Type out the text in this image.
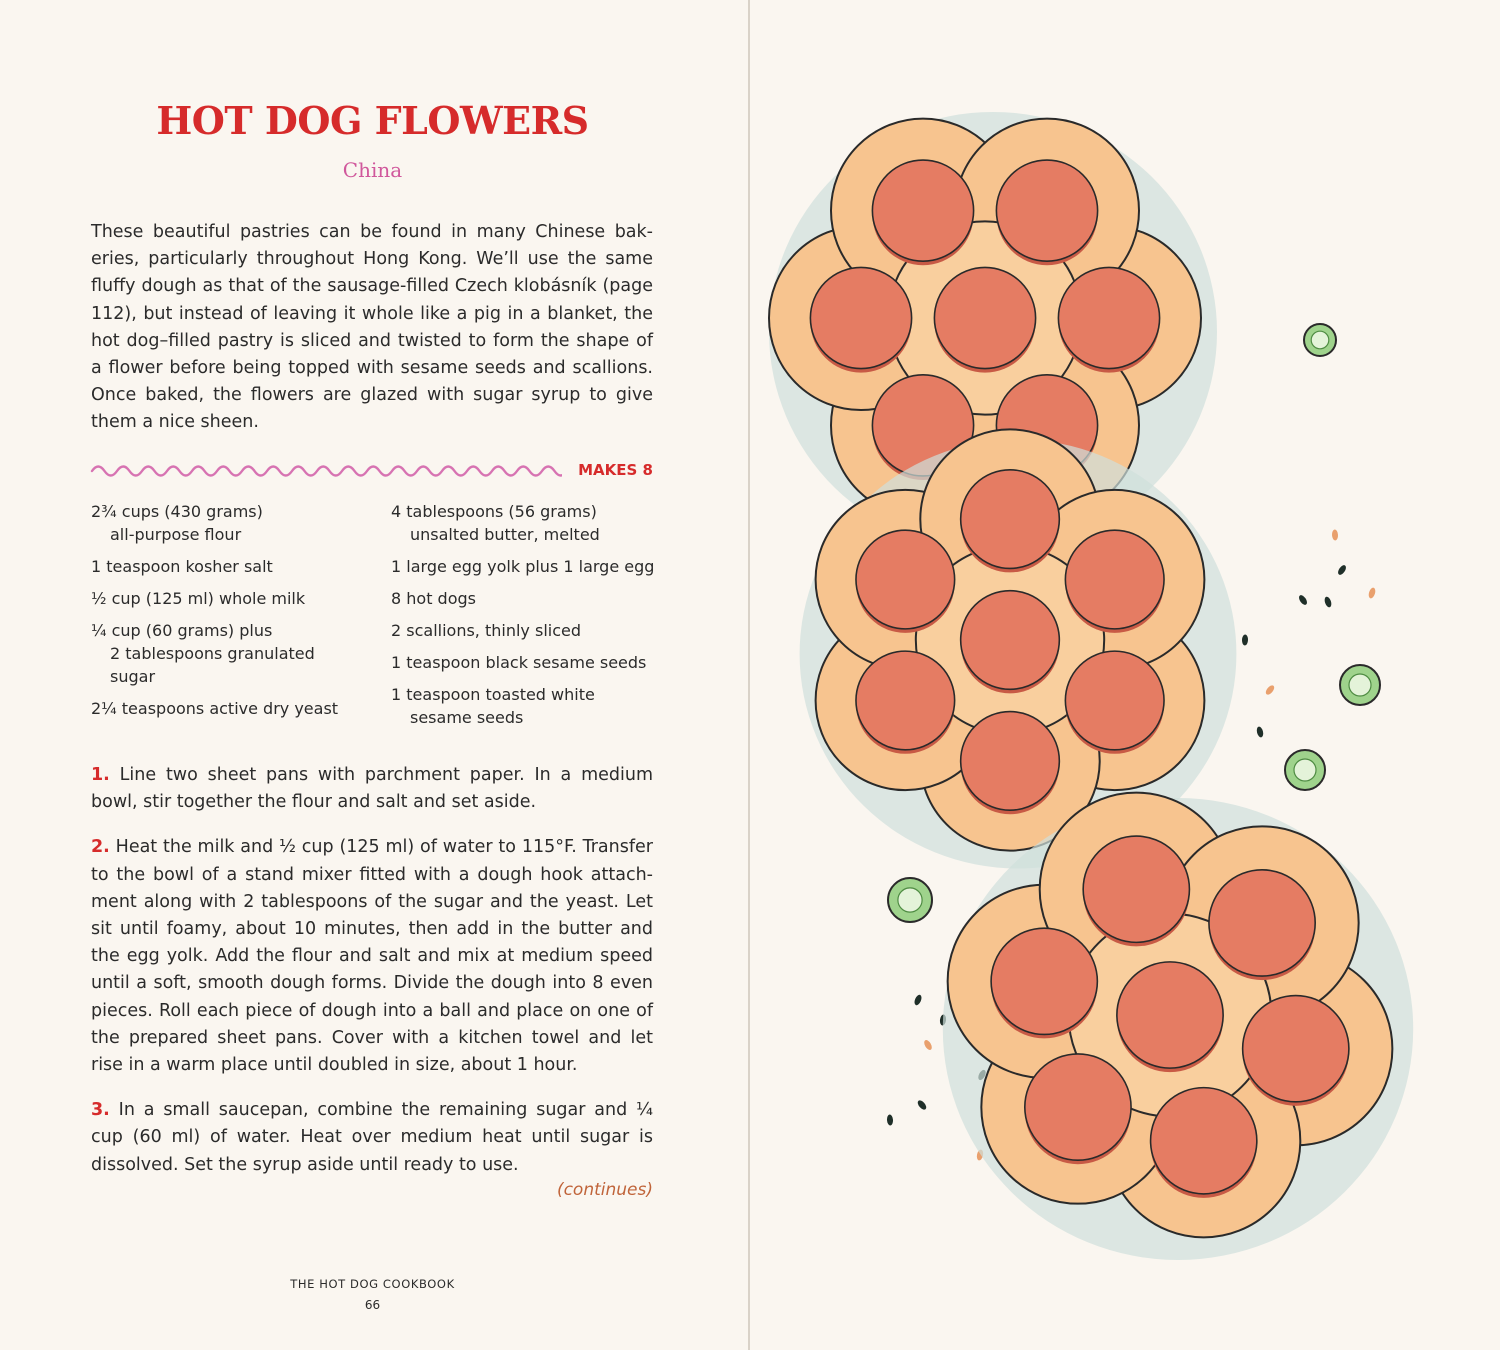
HOT DOG FLOWERS
China

These beautiful pastries can be found in many Chinese bakeries, particularly throughout Hong Kong. We’ll use the same fluffy dough as that of the sausage-filled Czech klobásník (page 112), but instead of leaving it whole like a pig in a blanket, the hot dog–filled pastry is sliced and twisted to form the shape of a flower before being topped with sesame seeds and scallions. Once baked, the flowers are glazed with sugar syrup to give them a nice sheen.

MAKES 8
2¾ cups (430 grams)
all-purpose flour
1 teaspoon kosher salt
½ cup (125 ml) whole milk
¼ cup (60 grams) plus
2 tablespoons granulated
sugar
2¼ teaspoons active dry yeast
4 tablespoons (56 grams)
unsalted butter, melted
1 large egg yolk plus 1 large egg
8 hot dogs
2 scallions, thinly sliced
1 teaspoon black sesame seeds
1 teaspoon toasted white
sesame seeds

1. Line two sheet pans with parchment paper. In a medium bowl, stir together the flour and salt and set aside.

2. Heat the milk and ½ cup (125 ml) of water to 115°F. Transfer to the bowl of a stand mixer fitted with a dough hook attachment along with 2 tablespoons of the sugar and the yeast. Let sit until foamy, about 10 minutes, then add in the butter and the egg yolk. Add the flour and salt and mix at medium speed until a soft, smooth dough forms. Divide the dough into 8 even pieces. Roll each piece of dough into a ball and place on one of the prepared sheet pans. Cover with a kitchen towel and let rise in a warm place until doubled in size, about 1 hour.

3. In a small saucepan, combine the remaining sugar and ¼ cup (60 ml) of water. Heat over medium heat until sugar is dissolved. Set the syrup aside until ready to use.

(continues)
THE HOT DOG COOKBOOK
66
